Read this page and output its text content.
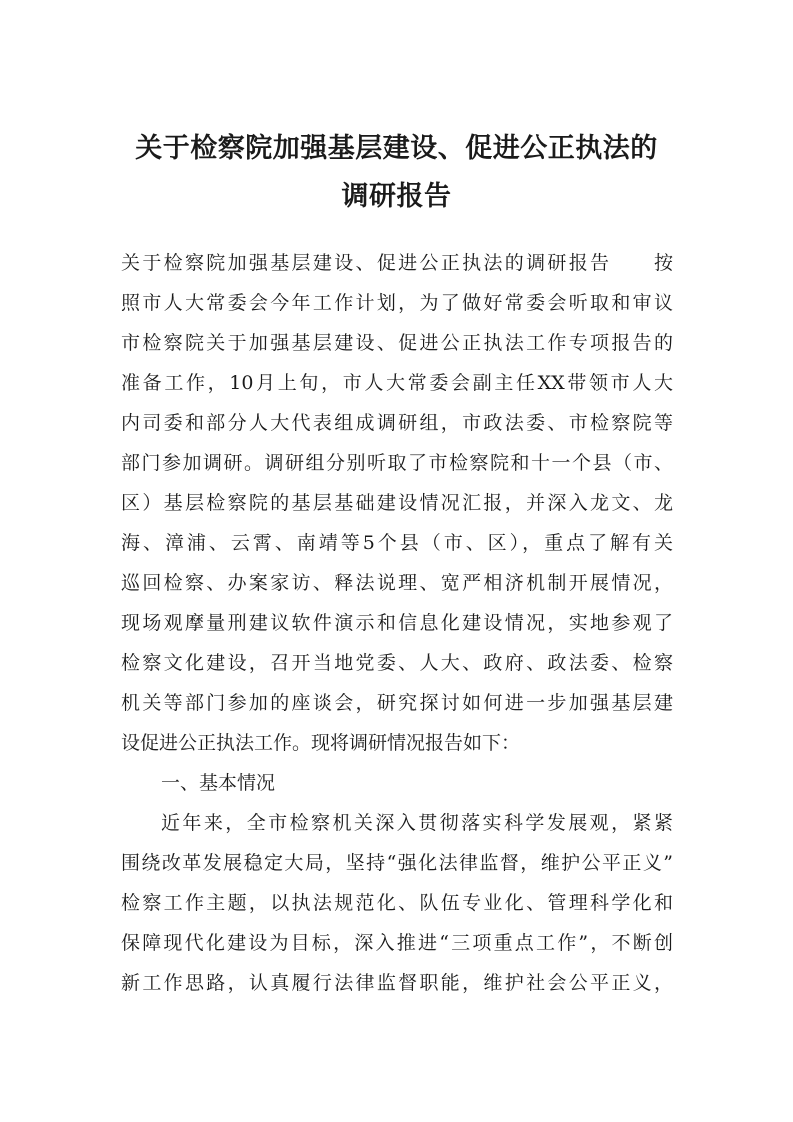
关于检察院加强基层建设、促进公正执法的
调研报告
关于检察院加强基层建设、促进公正执法的调研报告　　按
照市人大常委会今年工作计划，为了做好常委会听取和审议
市检察院关于加强基层建设、促进公正执法工作专项报告的
准备工作，10月上旬，市人大常委会副主任XX带领市人大
内司委和部分人大代表组成调研组，市政法委、市检察院等
部门参加调研。调研组分别听取了市检察院和十一个县（市、
区）基层检察院的基层基础建设情况汇报，并深入龙文、龙
海、漳浦、云霄、南靖等5个县（市、区），重点了解有关
巡回检察、办案家访、释法说理、宽严相济机制开展情况，
现场观摩量刑建议软件演示和信息化建设情况，实地参观了
检察文化建设，召开当地党委、人大、政府、政法委、检察
机关等部门参加的座谈会，研究探讨如何进一步加强基层建
设促进公正执法工作。现将调研情况报告如下：
一、基本情况
近年来，全市检察机关深入贯彻落实科学发展观，紧紧
围绕改革发展稳定大局，坚持“强化法律监督，维护公平正义”
检察工作主题，以执法规范化、队伍专业化、管理科学化和
保障现代化建设为目标，深入推进“三项重点工作”，不断创
新工作思路，认真履行法律监督职能，维护社会公平正义，
